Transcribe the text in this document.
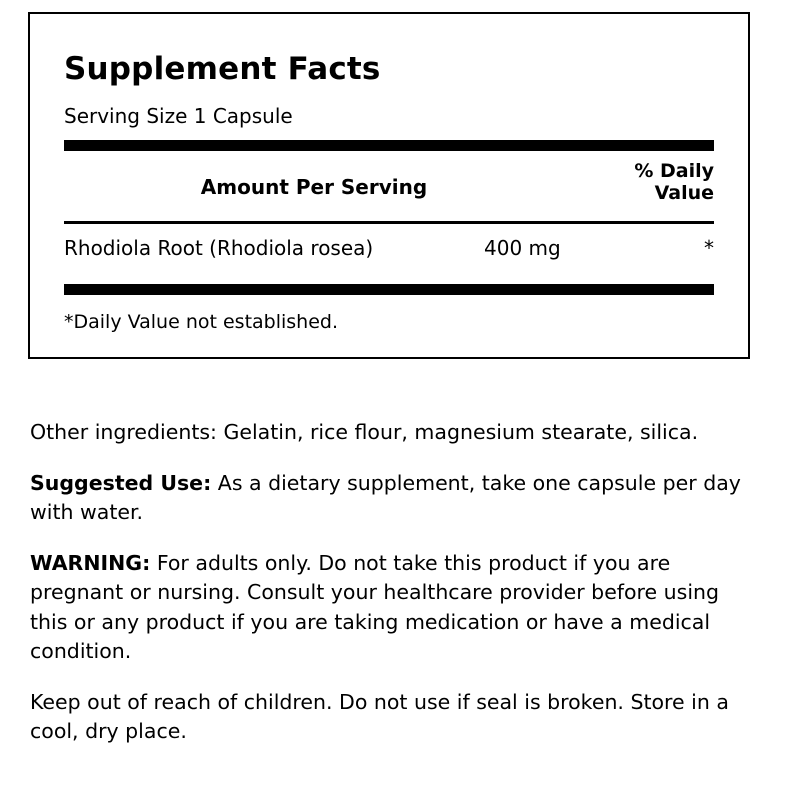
Supplement Facts
Serving Size 1 Capsule
Amount Per Serving
% Daily
Value
Rhodiola Root (Rhodiola rosea)	400 mg	*
*Daily Value not established.

Other ingredients: Gelatin, rice flour, magnesium stearate, silica.

Suggested Use: As a dietary supplement, take one capsule per day with water.

WARNING: For adults only. Do not take this product if you are pregnant or nursing. Consult your healthcare provider before using this or any product if you are taking medication or have a medical condition.

Keep out of reach of children. Do not use if seal is broken. Store in a cool, dry place.
